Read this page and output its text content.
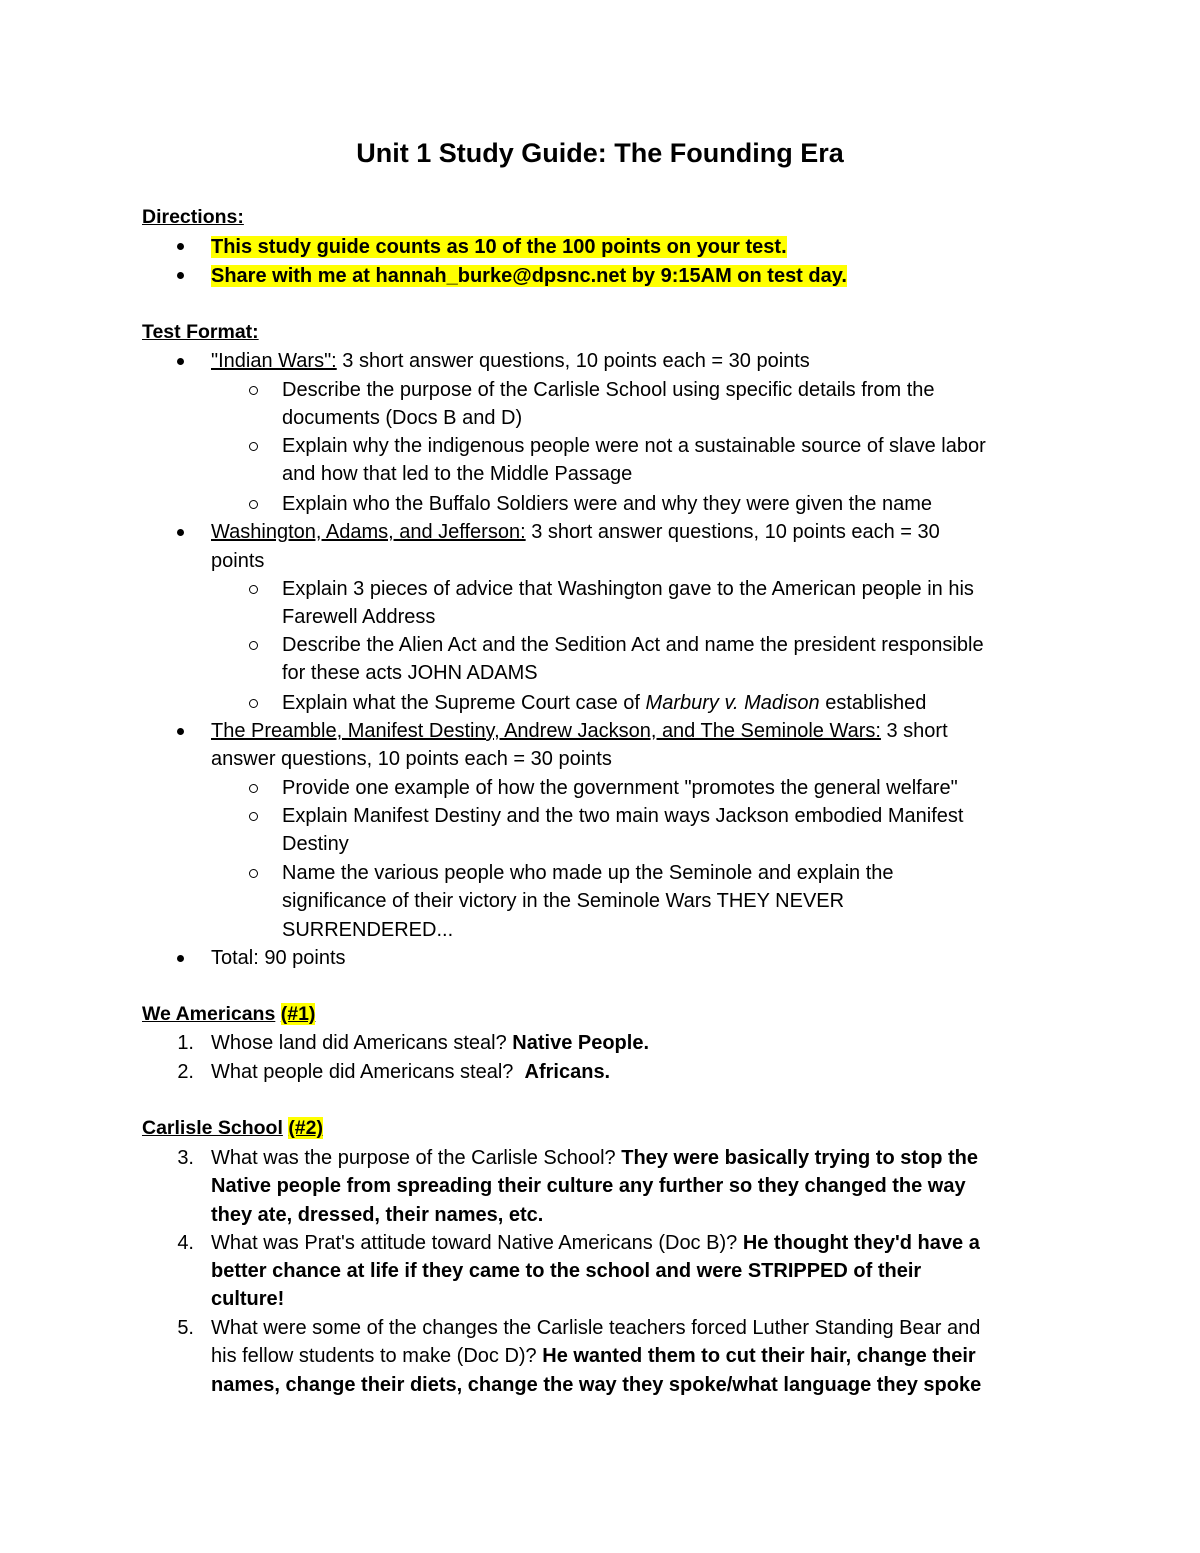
Unit 1 Study Guide: The Founding Era
Directions:
This study guide counts as 10 of the 100 points on your test.
Share with me at hannah_burke@dpsnc.net by 9:15AM on test day.
Test Format:
"Indian Wars": 3 short answer questions, 10 points each = 30 points
Describe the purpose of the Carlisle School using specific details from the
documents (Docs B and D)
Explain why the indigenous people were not a sustainable source of slave labor
and how that led to the Middle Passage
Explain who the Buffalo Soldiers were and why they were given the name
Washington, Adams, and Jefferson: 3 short answer questions, 10 points each = 30
points
Explain 3 pieces of advice that Washington gave to the American people in his
Farewell Address
Describe the Alien Act and the Sedition Act and name the president responsible
for these acts JOHN ADAMS
Explain what the Supreme Court case of Marbury v. Madison established
The Preamble, Manifest Destiny, Andrew Jackson, and The Seminole Wars: 3 short
answer questions, 10 points each = 30 points
Provide one example of how the government "promotes the general welfare"
Explain Manifest Destiny and the two main ways Jackson embodied Manifest
Destiny
Name the various people who made up the Seminole and explain the
significance of their victory in the Seminole Wars THEY NEVER
SURRENDERED...
Total: 90 points
We Americans (#1)
1. Whose land did Americans steal? Native People.
2. What people did Americans steal? Africans.
Carlisle School (#2)
3. What was the purpose of the Carlisle School? They were basically trying to stop the
Native people from spreading their culture any further so they changed the way
they ate, dressed, their names, etc.
4. What was Prat's attitude toward Native Americans (Doc B)? He thought they'd have a
better chance at life if they came to the school and were STRIPPED of their
culture!
5. What were some of the changes the Carlisle teachers forced Luther Standing Bear and
his fellow students to make (Doc D)? He wanted them to cut their hair, change their
names, change their diets, change the way they spoke/what language they spoke
